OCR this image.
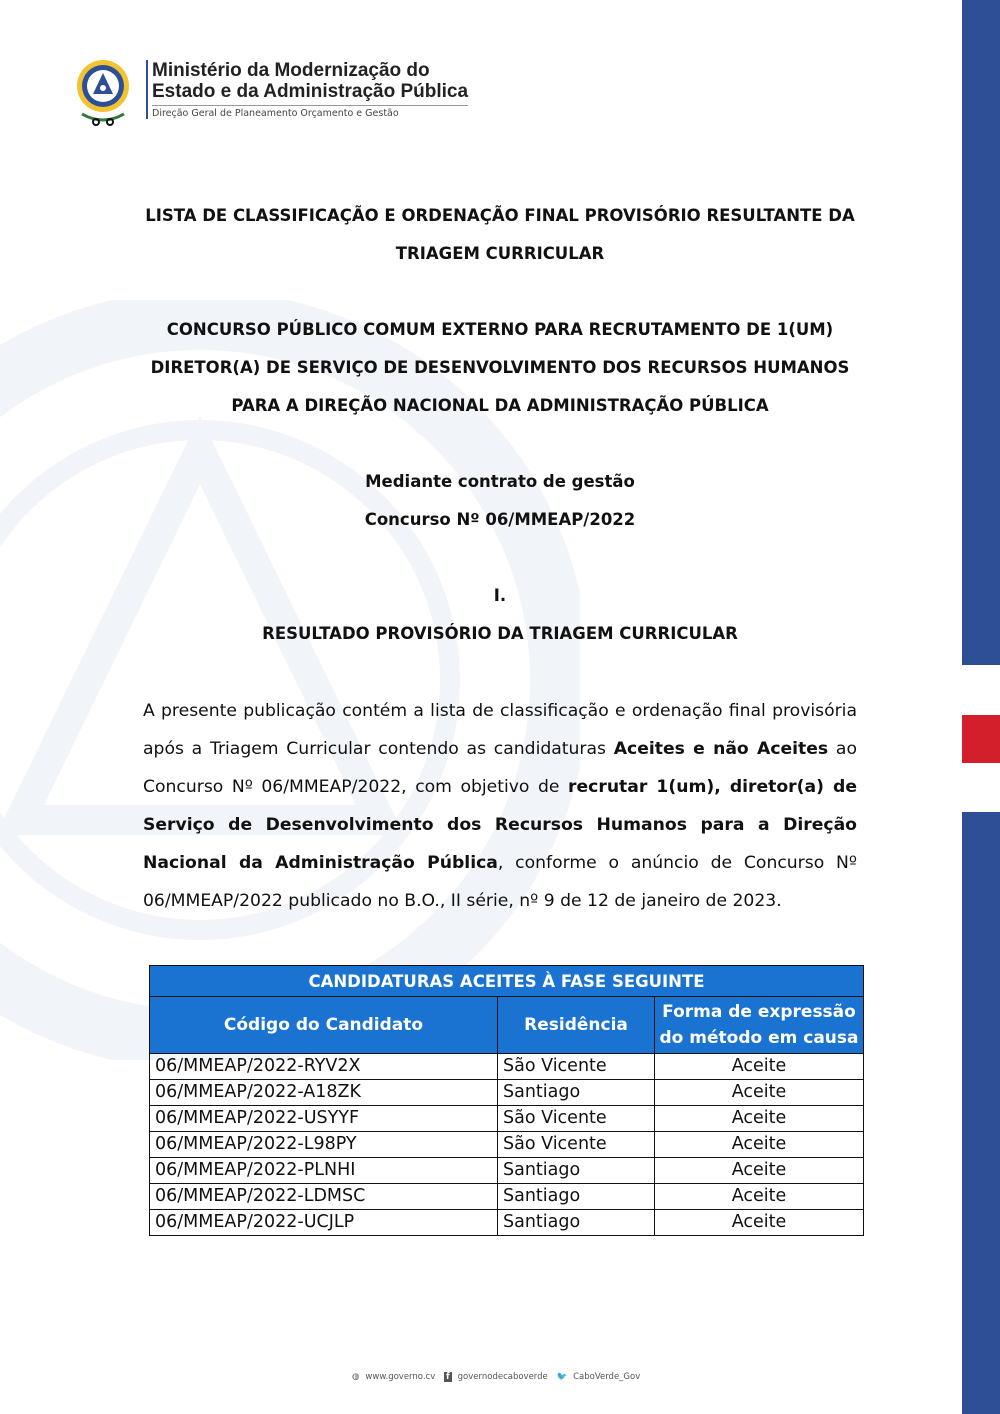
Ministério da Modernização do
Estado e da Administração Pública
Direção Geral de Planeamento Orçamento e Gestão
LISTA DE CLASSIFICAÇÃO E ORDENAÇÃO FINAL PROVISÓRIO RESULTANTE DA
TRIAGEM CURRICULAR
CONCURSO PÚBLICO COMUM EXTERNO PARA RECRUTAMENTO DE 1(UM)
DIRETOR(A) DE SERVIÇO DE DESENVOLVIMENTO DOS RECURSOS HUMANOS
PARA A DIREÇÃO NACIONAL DA ADMINISTRAÇÃO PÚBLICA
Mediante contrato de gestão
Concurso Nº 06/MMEAP/2022
I.
RESULTADO PROVISÓRIO DA TRIAGEM CURRICULAR
A presente publicação contém a lista de classificação e ordenação final provisória após a Triagem Curricular contendo as candidaturas Aceites e não Aceites ao Concurso Nº 06/MMEAP/2022, com objetivo de recrutar 1(um), diretor(a) de Serviço de Desenvolvimento dos Recursos Humanos para a Direção Nacional da Administração Pública, conforme o anúncio de Concurso Nº 06/MMEAP/2022 publicado no B.O., II série, nº 9 de 12 de janeiro de 2023.
CANDIDATURAS ACEITES À FASE SEGUINTE		
Código do Candidato	Residência	Forma de expressão do método em causa
06/MMEAP/2022-RYV2X	São Vicente	Aceite
06/MMEAP/2022-A18ZK	Santiago	Aceite
06/MMEAP/2022-USYYF	São Vicente	Aceite
06/MMEAP/2022-L98PY	São Vicente	Aceite
06/MMEAP/2022-PLNHI	Santiago	Aceite
06/MMEAP/2022-LDMSC	Santiago	Aceite
06/MMEAP/2022-UCJLP	Santiago	Aceite
◍ www.governo.cv f governodecaboverde 🐦 CaboVerde_Gov
